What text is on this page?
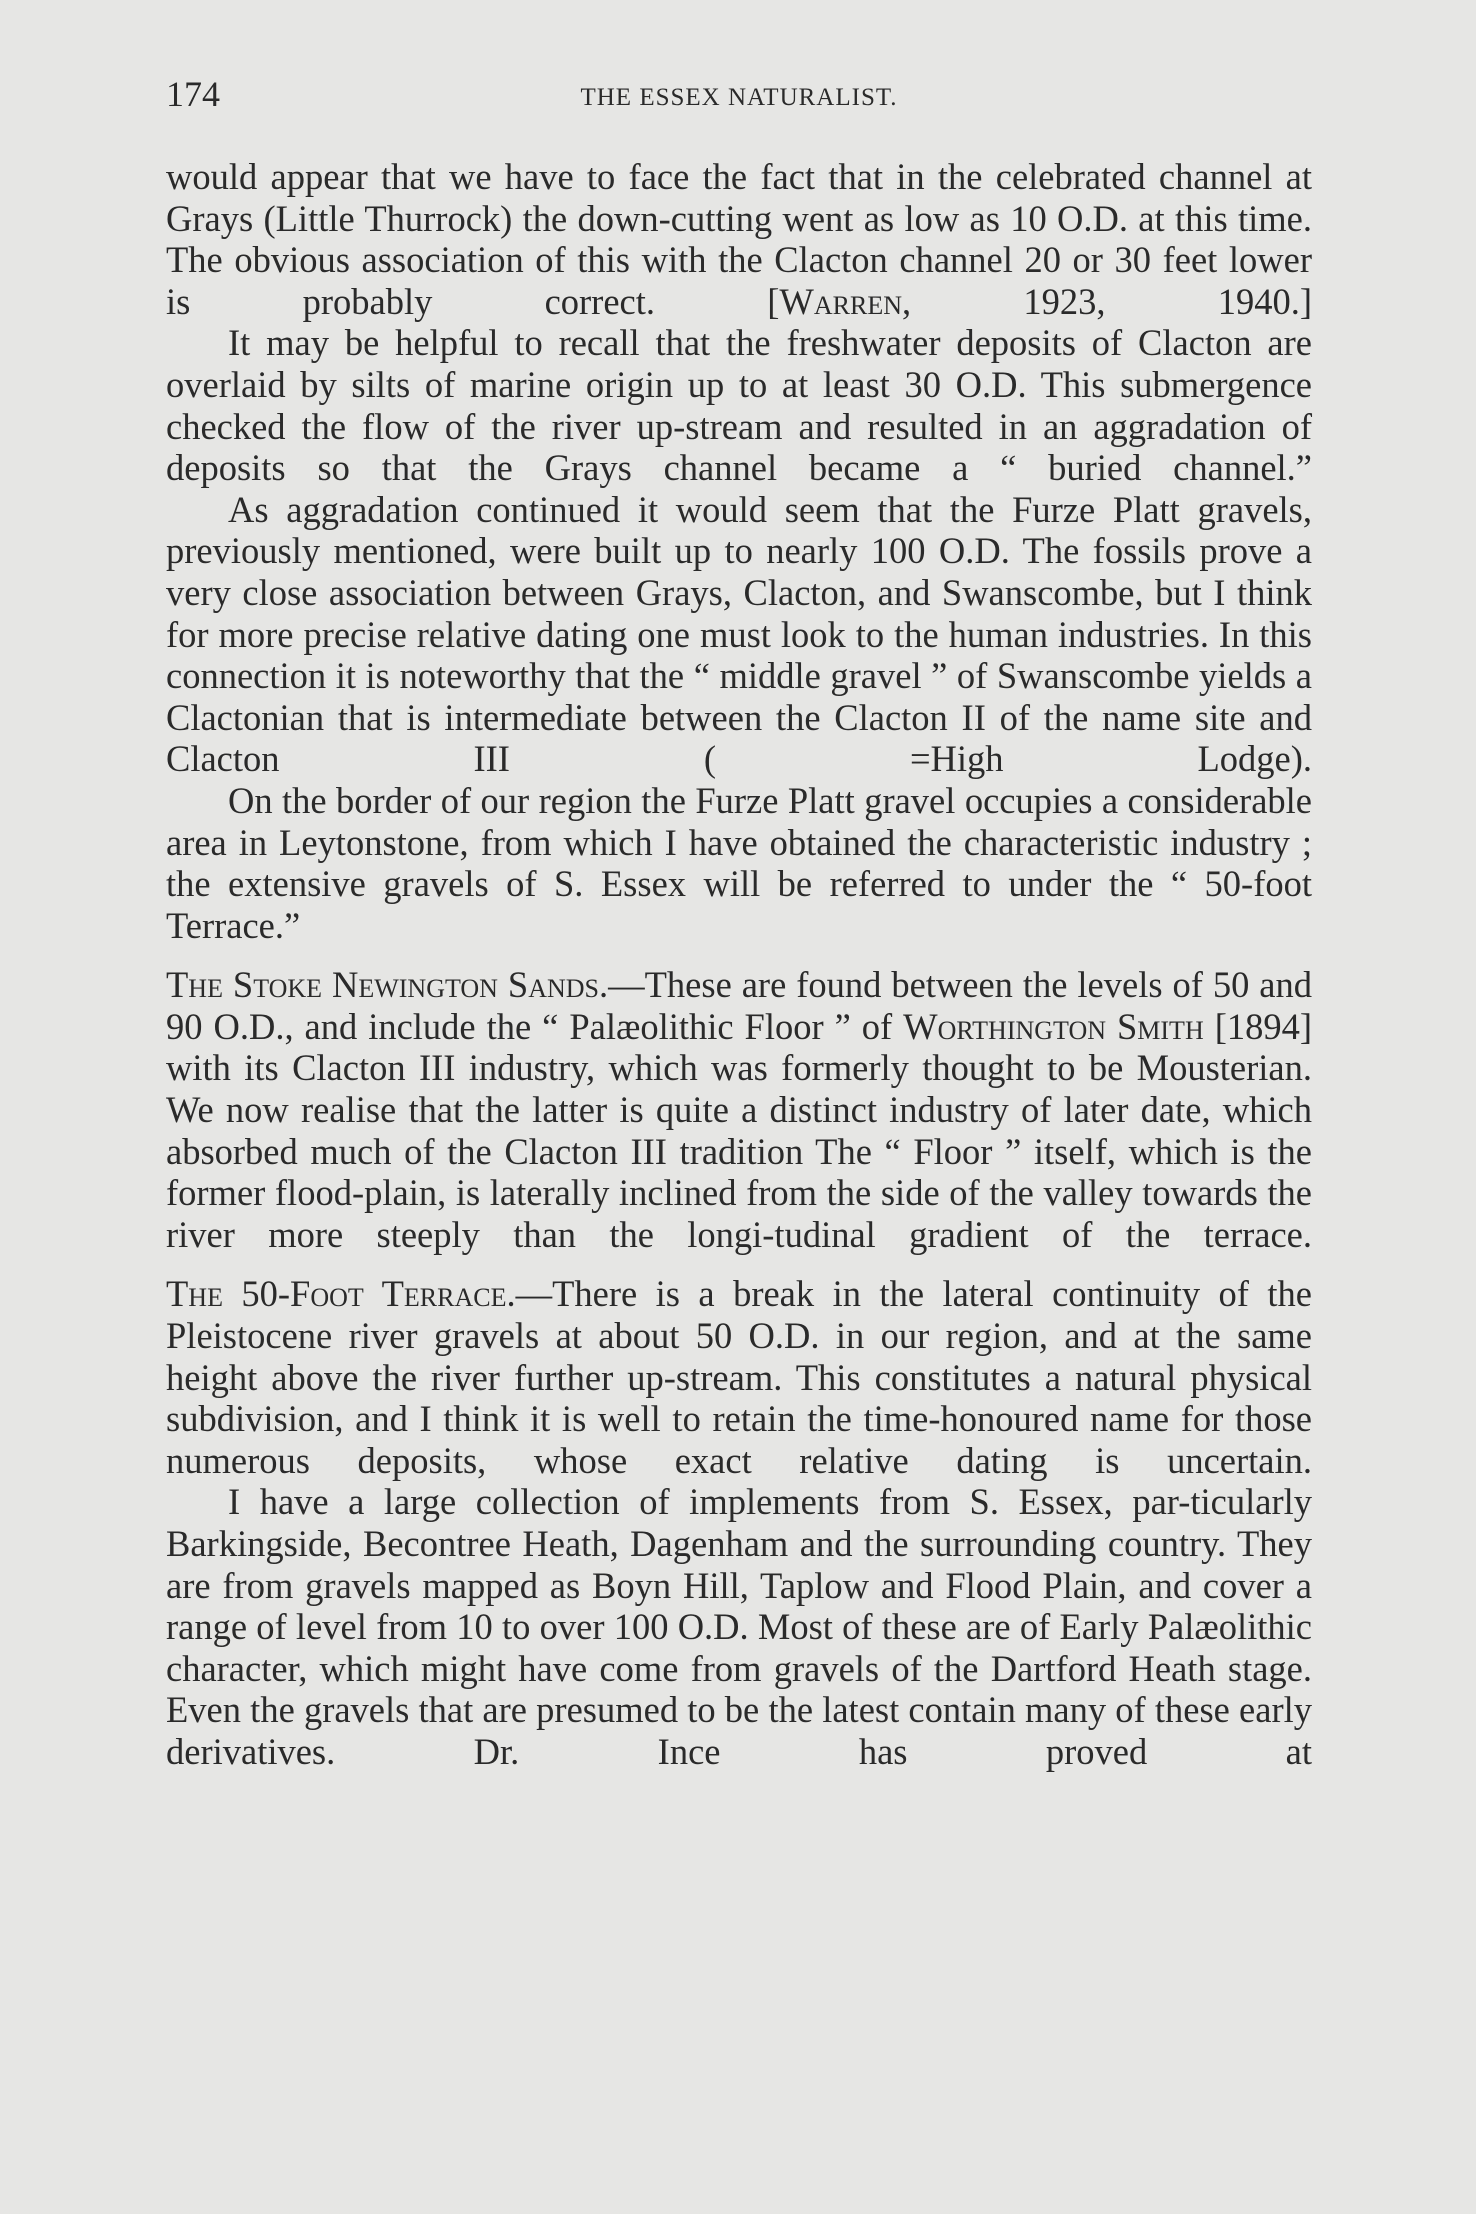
174	THE ESSEX NATURALIST.

would appear that we have to face the fact that in the celebrated channel at Grays (Little Thurrock) the down-cutting went as low as 10 O.D. at this time. The obvious association of this with the Clacton channel 20 or 30 feet lower is probably correct. [Warren, 1923, 1940.]

It may be helpful to recall that the freshwater deposits of Clacton are overlaid by silts of marine origin up to at least 30 O.D. This submergence checked the flow of the river up-stream and resulted in an aggradation of deposits so that the Grays channel became a “ buried channel.”

As aggradation continued it would seem that the Furze Platt gravels, previously mentioned, were built up to nearly 100 O.D. The fossils prove a very close association between Grays, Clacton, and Swanscombe, but I think for more precise relative dating one must look to the human industries. In this connection it is noteworthy that the “ middle gravel ” of Swanscombe yields a Clactonian that is intermediate between the Clacton II of the name site and Clacton III ( =High Lodge).

On the border of our region the Furze Platt gravel occupies a considerable area in Leytonstone, from which I have obtained the characteristic industry ; the extensive gravels of S. Essex will be referred to under the “ 50-foot Terrace.”

The Stoke Newington Sands.—These are found between the levels of 50 and 90 O.D., and include the “ Palæolithic Floor ” of Worthington Smith [1894] with its Clacton III industry, which was formerly thought to be Mousterian. We now realise that the latter is quite a distinct industry of later date, which absorbed much of the Clacton III tradition The “ Floor ” itself, which is the former flood-plain, is laterally inclined from the side of the valley towards the river more steeply than the longi-tudinal gradient of the terrace.

The 50-Foot Terrace.—There is a break in the lateral continuity of the Pleistocene river gravels at about 50 O.D. in our region, and at the same height above the river further up-stream. This constitutes a natural physical subdivision, and I think it is well to retain the time-honoured name for those numerous deposits, whose exact relative dating is uncertain.

I have a large collection of implements from S. Essex, par-ticularly Barkingside, Becontree Heath, Dagenham and the surrounding country. They are from gravels mapped as Boyn Hill, Taplow and Flood Plain, and cover a range of level from 10 to over 100 O.D. Most of these are of Early Palæolithic character, which might have come from gravels of the Dartford Heath stage. Even the gravels that are presumed to be the latest contain many of these early derivatives. Dr. Ince has proved at
